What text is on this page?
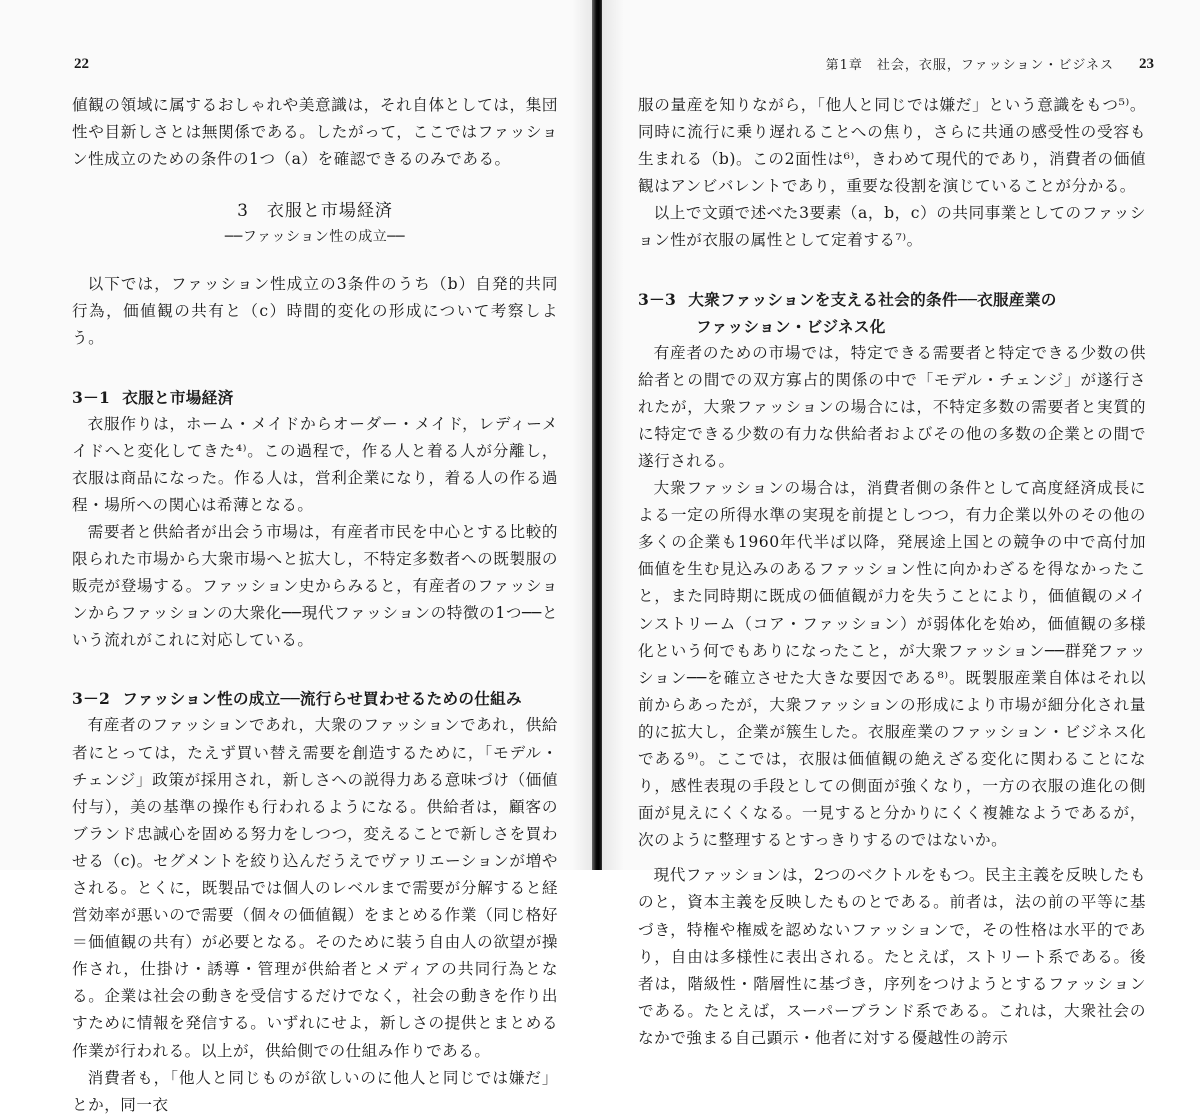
22

値観の領域に属するおしゃれや美意識は，それ自体としては，集団性や目新しさとは無関係である。したがって，ここではファッション性成立のための条件の1つ（a）を確認できるのみである。

3　衣服と市場経済
──ファッション性の成立──

以下では，ファッション性成立の3条件のうち（b）自発的共同行為，価値観の共有と（c）時間的変化の形成について考察しよう。

3－1 衣服と市場経済

衣服作りは，ホーム・メイドからオーダー・メイド，レディーメイドへと変化してきた⁴⁾。この過程で，作る人と着る人が分離し，衣服は商品になった。作る人は，営利企業になり，着る人の作る過程・場所への関心は希薄となる。

需要者と供給者が出会う市場は，有産者市民を中心とする比較的限られた市場から大衆市場へと拡大し，不特定多数者への既製服の販売が登場する。ファッション史からみると，有産者のファッションからファッションの大衆化──現代ファッションの特徴の1つ──という流れがこれに対応している。

3－2 ファッション性の成立──流行らせ買わせるための仕組み

有産者のファッションであれ，大衆のファッションであれ，供給者にとっては，たえず買い替え需要を創造するために，「モデル・チェンジ」政策が採用され，新しさへの説得力ある意味づけ（価値付与），美の基準の操作も行われるようになる。供給者は，顧客のブランド忠誠心を固める努力をしつつ，変えることで新しさを買わせる（c)。セグメントを絞り込んだうえでヴァリエーションが増やされる。とくに，既製品では個人のレベルまで需要が分解すると経営効率が悪いので需要（個々の価値観）をまとめる作業（同じ格好＝価値観の共有）が必要となる。そのために装う自由人の欲望が操作され，仕掛け・誘導・管理が供給者とメディアの共同行為となる。企業は社会の動きを受信するだけでなく，社会の動きを作り出すために情報を発信する。いずれにせよ，新しさの提供とまとめる作業が行われる。以上が，供給側での仕組み作りである。

消費者も，「他人と同じものが欲しいのに他人と同じでは嫌だ」とか，同一衣

第1章　社会，衣服，ファッション・ビジネス 23

服の量産を知りながら，「他人と同じでは嫌だ」という意識をもつ⁵⁾。同時に流行に乗り遅れることへの焦り，さらに共通の感受性の受容も生まれる（b)。この2面性は⁶⁾，きわめて現代的であり，消費者の価値観はアンビバレントであり，重要な役割を演じていることが分かる。

以上で文頭で述べた3要素（a，b，c）の共同事業としてのファッション性が衣服の属性として定着する⁷⁾。

3－3 大衆ファッションを支える社会的条件──衣服産業の
ファッション・ビジネス化

有産者のための市場では，特定できる需要者と特定できる少数の供給者との間での双方寡占的関係の中で「モデル・チェンジ」が遂行されたが，大衆ファッションの場合には，不特定多数の需要者と実質的に特定できる少数の有力な供給者およびその他の多数の企業との間で遂行される。

大衆ファッションの場合は，消費者側の条件として高度経済成長による一定の所得水準の実現を前提としつつ，有力企業以外のその他の多くの企業も1960年代半ば以降，発展途上国との競争の中で高付加価値を生む見込みのあるファッション性に向かわざるを得なかったこと，また同時期に既成の価値観が力を失うことにより，価値観のメインストリーム（コア・ファッション）が弱体化を始め，価値観の多様化という何でもありになったこと，が大衆ファッション──群発ファッション──を確立させた大きな要因である⁸⁾。既製服産業自体はそれ以前からあったが，大衆ファッションの形成により市場が細分化され量的に拡大し，企業が簇生した。衣服産業のファッション・ビジネス化である⁹⁾。ここでは，衣服は価値観の絶えざる変化に関わることになり，感性表現の手段としての側面が強くなり，一方の衣服の進化の側面が見えにくくなる。一見すると分かりにくく複雑なようであるが，次のように整理するとすっきりするのではないか。

現代ファッションは，2つのベクトルをもつ。民主主義を反映したものと，資本主義を反映したものとである。前者は，法の前の平等に基づき，特権や権威を認めないファッションで，その性格は水平的であり，自由は多様性に表出される。たとえば，ストリート系である。後者は，階級性・階層性に基づき，序列をつけようとするファッションである。たとえば，スーパーブランド系である。これは，大衆社会のなかで強まる自己顕示・他者に対する優越性の誇示
